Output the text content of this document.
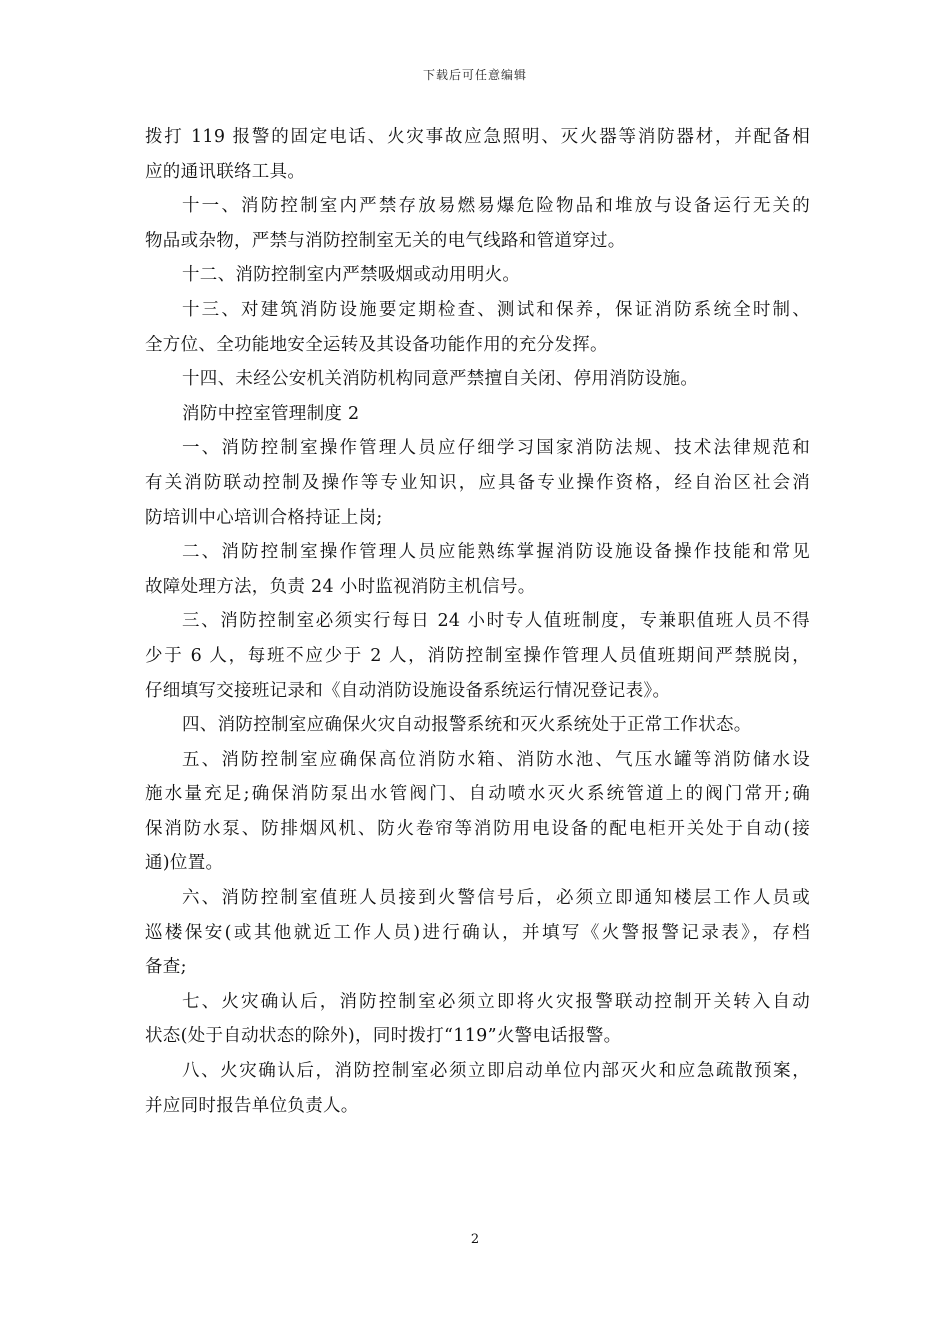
下载后可任意编辑
拨打 119 报警的固定电话、火灾事故应急照明、灭火器等消防器材，并配备相
应的通讯联络工具。
十一、消防控制室内严禁存放易燃易爆危险物品和堆放与设备运行无关的
物品或杂物，严禁与消防控制室无关的电气线路和管道穿过。
十二、消防控制室内严禁吸烟或动用明火。
十三、对建筑消防设施要定期检查、测试和保养，保证消防系统全时制、
全方位、全功能地安全运转及其设备功能作用的充分发挥。
十四、未经公安机关消防机构同意严禁擅自关闭、停用消防设施。
消防中控室管理制度 2
一、消防控制室操作管理人员应仔细学习国家消防法规、技术法律规范和
有关消防联动控制及操作等专业知识，应具备专业操作资格，经自治区社会消
防培训中心培训合格持证上岗;
二、消防控制室操作管理人员应能熟练掌握消防设施设备操作技能和常见
故障处理方法，负责 24 小时监视消防主机信号。
三、消防控制室必须实行每日 24 小时专人值班制度，专兼职值班人员不得
少于 6 人，每班不应少于 2 人，消防控制室操作管理人员值班期间严禁脱岗，
仔细填写交接班记录和《自动消防设施设备系统运行情况登记表》。
四、消防控制室应确保火灾自动报警系统和灭火系统处于正常工作状态。
五、消防控制室应确保高位消防水箱、消防水池、气压水罐等消防储水设
施水量充足;确保消防泵出水管阀门、自动喷水灭火系统管道上的阀门常开;确
保消防水泵、防排烟风机、防火卷帘等消防用电设备的配电柜开关处于自动(接
通)位置。
六、消防控制室值班人员接到火警信号后，必须立即通知楼层工作人员或
巡楼保安(或其他就近工作人员)进行确认，并填写《火警报警记录表》，存档
备查;
七、火灾确认后，消防控制室必须立即将火灾报警联动控制开关转入自动
状态(处于自动状态的除外)，同时拨打“119”火警电话报警。
八、火灾确认后，消防控制室必须立即启动单位内部灭火和应急疏散预案，
并应同时报告单位负责人。
2
